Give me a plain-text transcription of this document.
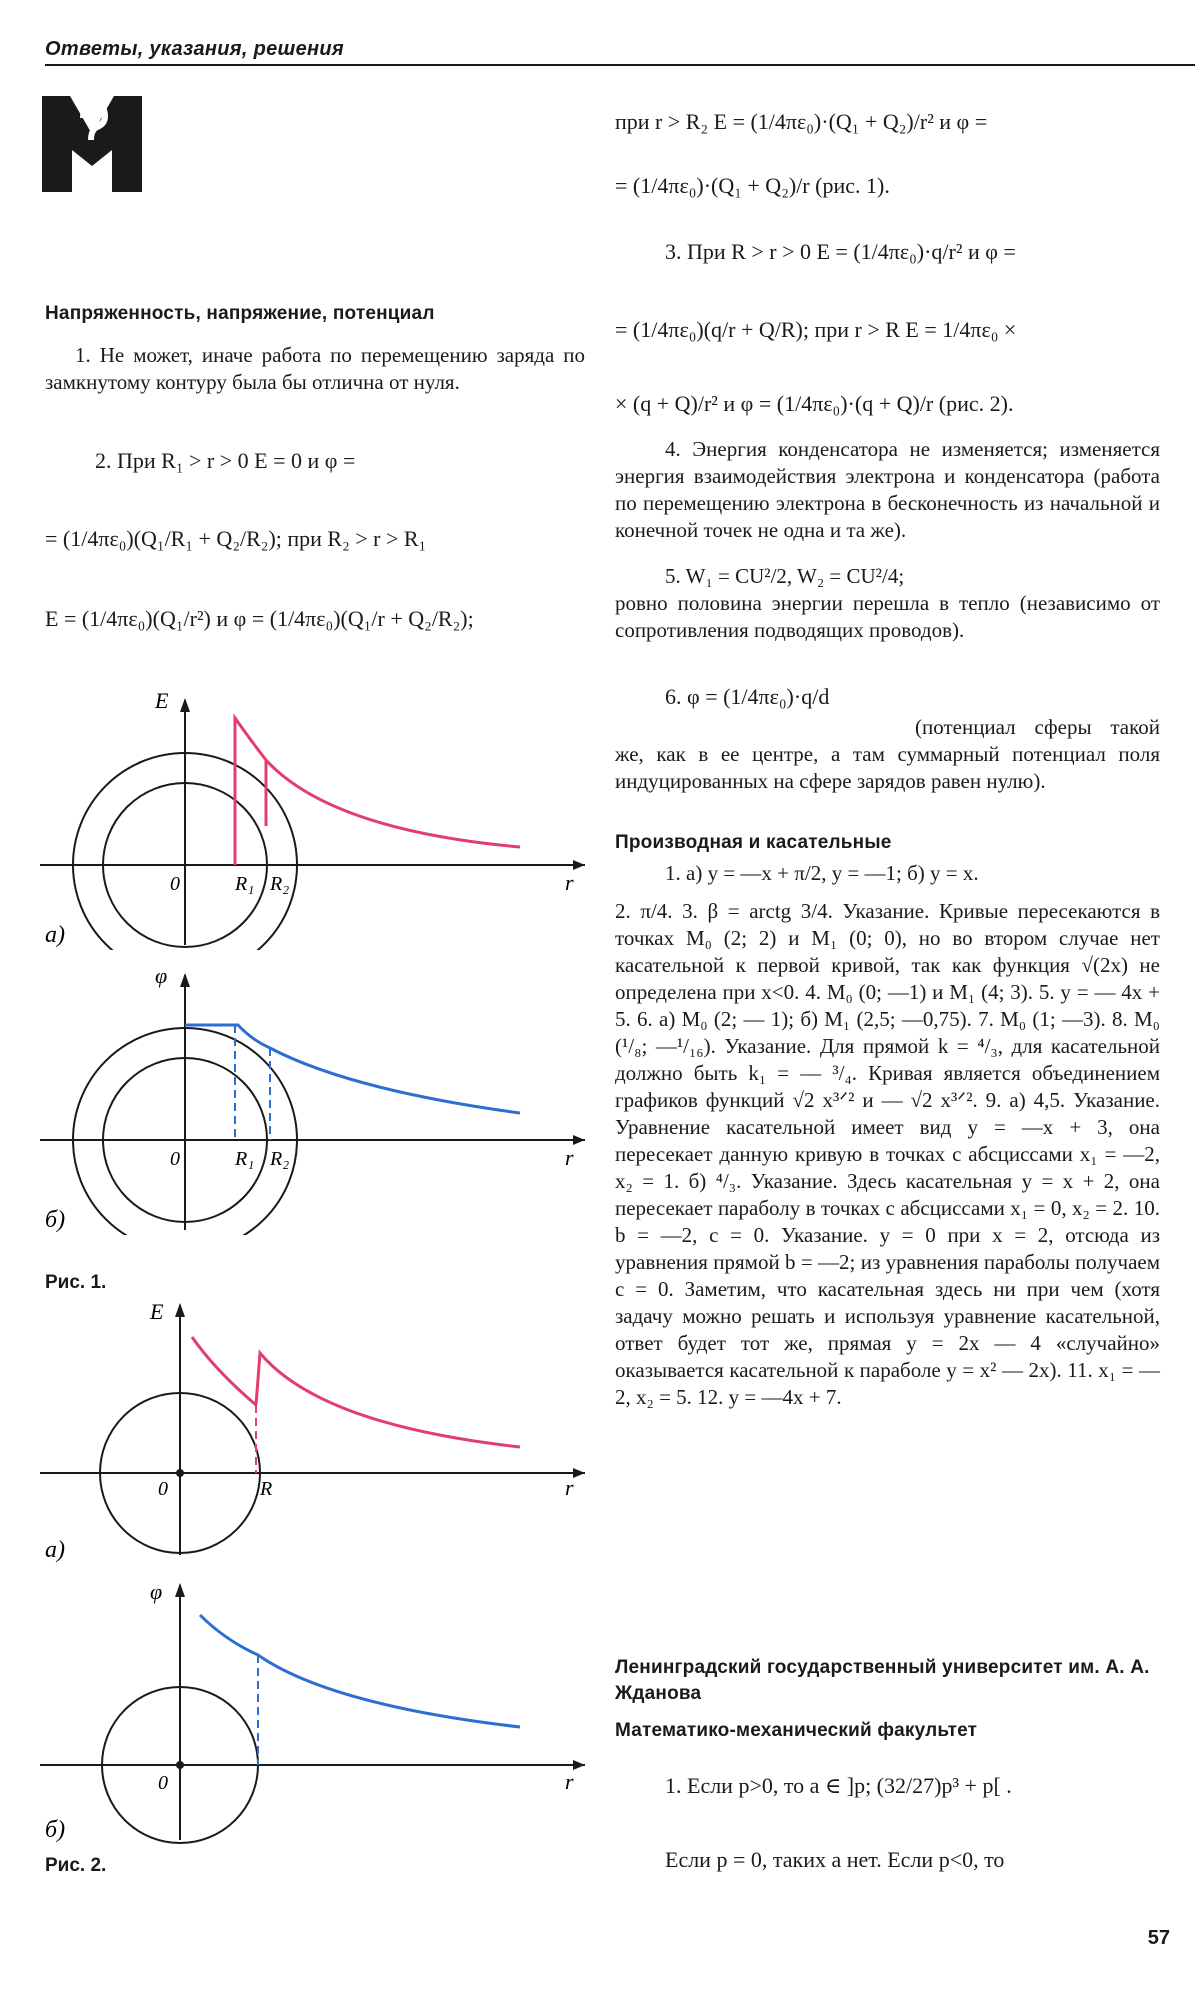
Ответы, указания, решения
Напряженность, напряжение, потенциал
1. Не может, иначе работа по перемещению заряда по замкнутому контуру была бы отлична от нуля.
2. При R₁ > r > 0 E = 0 и φ =
= (1/4πε₀)(Q₁/R₁ + Q₂/R₂); при R₂ > r > R₁
E = (1/4πε₀)(Q₁/r²) и φ = (1/4πε₀)(Q₁/r + Q₂/R₂);
E
0	R₁ R₂	r
а)
φ
0	R₁ R₂	r
б)
Рис. 1.
E
0	R	r
а)
φ
0	r
б)
Рис. 2.
при r > R₂ E = (1/4πε₀)·(Q₁ + Q₂)/r² и φ =
= (1/4πε₀)·(Q₁ + Q₂)/r (рис. 1).
3. При R > r > 0 E = (1/4πε₀)·q/r² и φ =
= (1/4πε₀)(q/r + Q/R); при r > R E = 1/4πε₀ ×
× (q + Q)/r² и φ = (1/4πε₀)·(q + Q)/r (рис. 2).
4. Энергия конденсатора не изменяется; изменяется энергия взаимодействия электрона и конденсатора (работа по перемещению электрона в бесконечность из начальной и конечной точек не одна и та же).
5. W₁ = CU²/2, W₂ = CU²/4;
ровно половина энергии перешла в тепло (независимо от сопротивления подводящих проводов).
6. φ = (1/4πε₀)·q/d
(потенциал сферы такой же, как в ее центре, а там суммарный потенциал поля индуцированных на сфере зарядов равен нулю).
Производная и касательные
1. а) y = —x + π/2, y = —1; б) y = x.
2. π/4. 3. β = arctg 3/4. Указание. Кривые пересекаются в точках M₀ (2; 2) и M₁ (0; 0), но во втором случае нет касательной к первой кривой, так как функция √(2x) не определена при x<0. 4. M₀ (0; —1) и M₁ (4; 3). 5. y = — 4x + 5. 6. а) M₀ (2; — 1); б) M₁ (2,5; —0,75). 7. M₀ (1; —3). 8. M₀ (¹/₈; —¹/₁₆). Указание. Для прямой k = ⁴/₃, для касательной должно быть k₁ = — ³/₄. Кривая является объединением графиков функций √2 x³ᐟ² и — √2 x³ᐟ². 9. а) 4,5. Указание. Уравнение касательной имеет вид y = —x + 3, она пересекает данную кривую в точках с абсциссами x₁ = —2, x₂ = 1. б) ⁴/₃. Указание. Здесь касательная y = x + 2, она пересекает параболу в точках с абсциссами x₁ = 0, x₂ = 2. 10. b = —2, c = 0. Указание. y = 0 при x = 2, отсюда из уравнения прямой b = —2; из уравнения параболы получаем c = 0. Заметим, что касательная здесь ни при чем (хотя задачу можно решать и используя уравнение касательной, ответ будет тот же, прямая y = 2x — 4 «случайно» оказывается касательной к параболе y = x² — 2x). 11. x₁ = —2, x₂ = 5. 12. y = —4x + 7.
Ленинградский государственный университет им. А. А. Жданова
Математико-механический факультет
1. Если p>0, то a ∈ ]p; (32/27)p³ + p[ .
Если p = 0, таких a нет. Если p<0, то
57
